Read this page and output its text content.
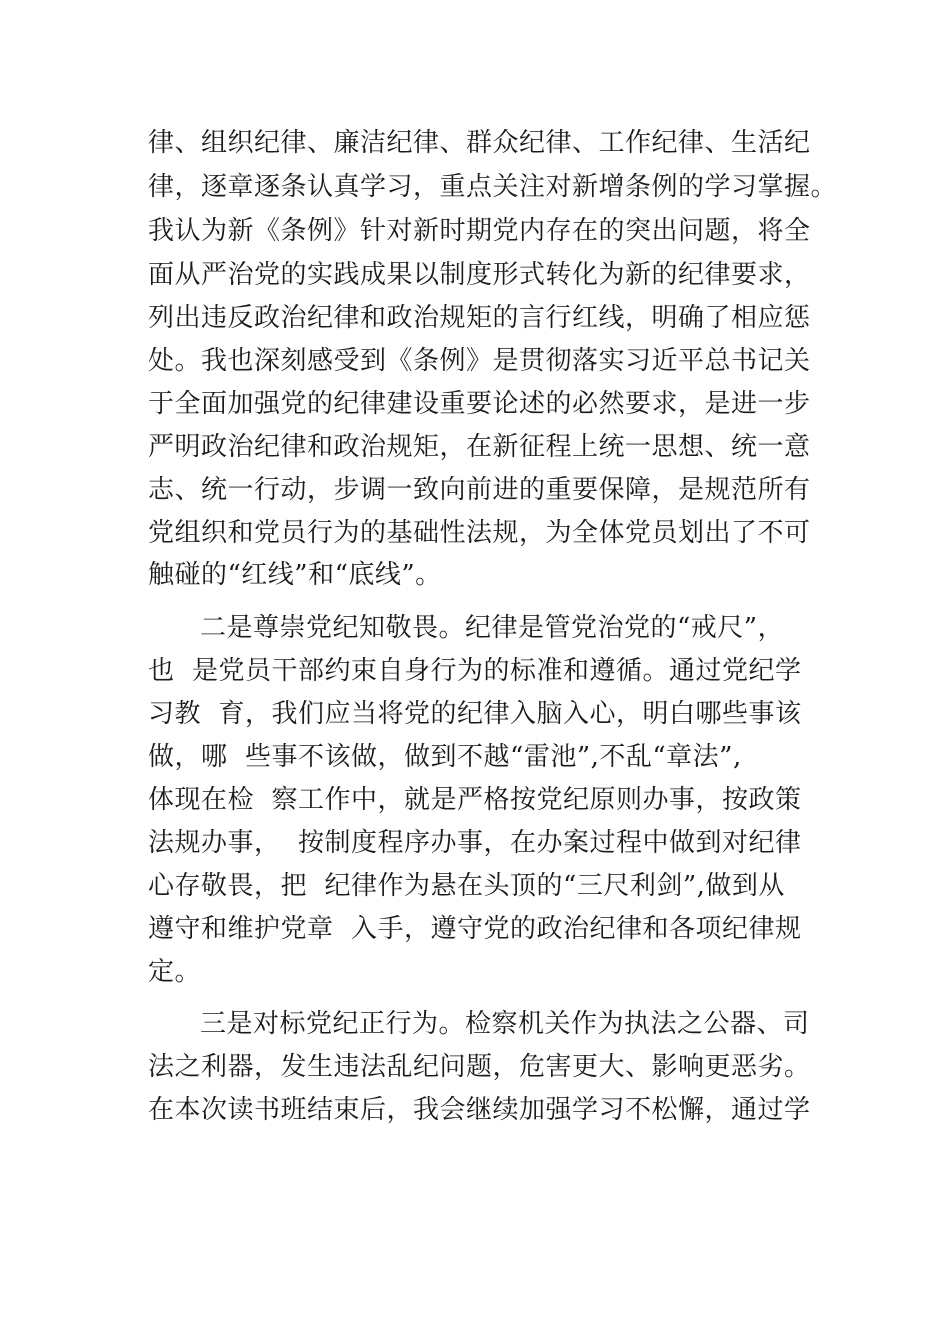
律、组织纪律、廉洁纪律、群众纪律、工作纪律、生活纪
律，逐章逐条认真学习，重点关注对新增条例的学习掌握。
我认为新《条例》针对新时期党内存在的突出问题，将全
面从严治党的实践成果以制度形式转化为新的纪律要求，
列出违反政治纪律和政治规矩的言行红线，明确了相应惩
处。我也深刻感受到《条例》是贯彻落实习近平总书记关
于全面加强党的纪律建设重要论述的必然要求，是进一步
严明政治纪律和政治规矩，在新征程上统一思想、统一意
志、统一行动，步调一致向前进的重要保障，是规范所有
党组织和党员行为的基础性法规，为全体党员划出了不可
触碰的“红线”和“底线”。
二是尊崇党纪知敬畏。纪律是管党治党的“戒尺”，
也  是党员干部约束自身行为的标准和遵循。通过党纪学
习教  育，我们应当将党的纪律入脑入心，明白哪些事该
做，哪  些事不该做，做到不越“雷池”,不乱“章法”,
体现在检  察工作中，就是严格按党纪原则办事，按政策
法规办事，  按制度程序办事，在办案过程中做到对纪律
心存敬畏，把  纪律作为悬在头顶的“三尺利剑”,做到从
遵守和维护党章  入手，遵守党的政治纪律和各项纪律规
定。
三是对标党纪正行为。检察机关作为执法之公器、司
法之利器，发生违法乱纪问题，危害更大、影响更恶劣。
在本次读书班结束后，我会继续加强学习不松懈，通过学
